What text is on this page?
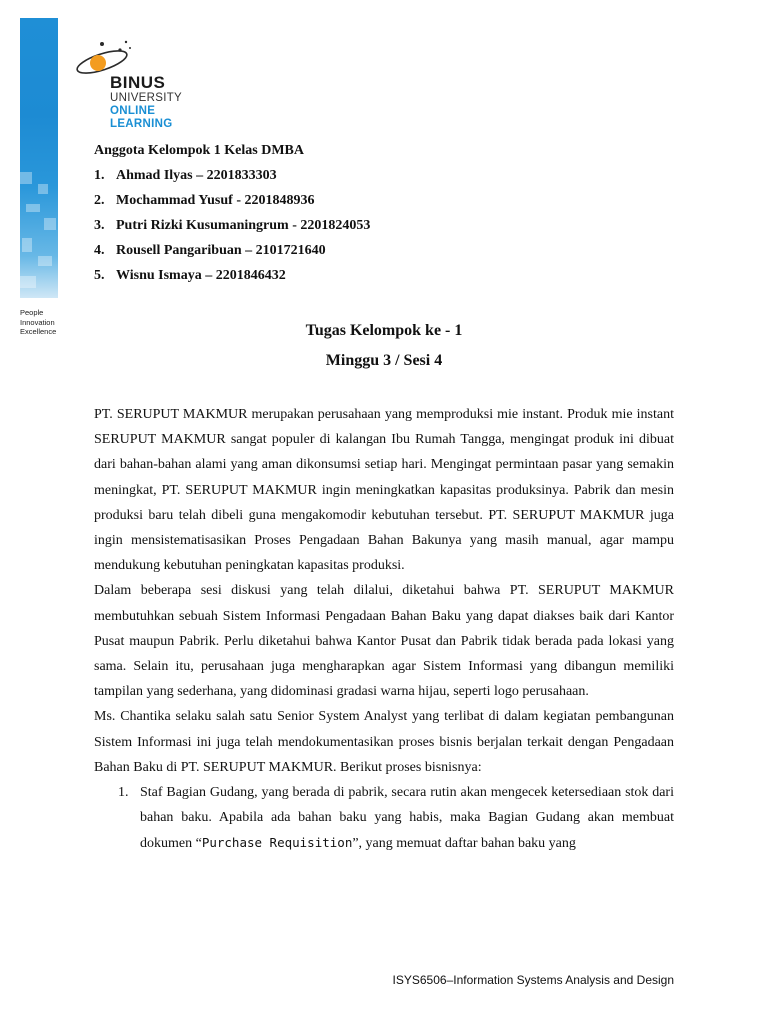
People
Innovation
Excellence
BINUS
UNIVERSITY
ONLINE
LEARNING
Anggota Kelompok 1 Kelas DMBA
1. Ahmad Ilyas – 2201833303
2. Mochammad Yusuf - 2201848936
3. Putri Rizki Kusumaningrum - 2201824053
4. Rousell Pangaribuan – 2101721640
5. Wisnu Ismaya – 2201846432
Tugas Kelompok ke - 1
Minggu 3 / Sesi 4

PT. SERUPUT MAKMUR merupakan perusahaan yang memproduksi mie instant. Produk mie instant SERUPUT MAKMUR sangat populer di kalangan Ibu Rumah Tangga, mengingat produk ini dibuat dari bahan-bahan alami yang aman dikonsumsi setiap hari. Mengingat permintaan pasar yang semakin meningkat, PT. SERUPUT MAKMUR ingin meningkatkan kapasitas produksinya. Pabrik dan mesin produksi baru telah dibeli guna mengakomodir kebutuhan tersebut. PT. SERUPUT MAKMUR juga ingin mensistematisasikan Proses Pengadaan Bahan Bakunya yang masih manual, agar mampu mendukung kebutuhan peningkatan kapasitas produksi.

Dalam beberapa sesi diskusi yang telah dilalui, diketahui bahwa PT. SERUPUT MAKMUR membutuhkan sebuah Sistem Informasi Pengadaan Bahan Baku yang dapat diakses baik dari Kantor Pusat maupun Pabrik. Perlu diketahui bahwa Kantor Pusat dan Pabrik tidak berada pada lokasi yang sama. Selain itu, perusahaan juga mengharapkan agar Sistem Informasi yang dibangun memiliki tampilan yang sederhana, yang didominasi gradasi warna hijau, seperti logo perusahaan.

Ms. Chantika selaku salah satu Senior System Analyst yang terlibat di dalam kegiatan pembangunan Sistem Informasi ini juga telah mendokumentasikan proses bisnis berjalan terkait dengan Pengadaan Bahan Baku di PT. SERUPUT MAKMUR. Berikut proses bisnisnya:

1. Staf Bagian Gudang, yang berada di pabrik, secara rutin akan mengecek ketersediaan stok dari bahan baku. Apabila ada bahan baku yang habis, maka Bagian Gudang akan membuat dokumen “Purchase Requisition”, yang memuat daftar bahan baku yang
ISYS6506–Information Systems Analysis and Design
